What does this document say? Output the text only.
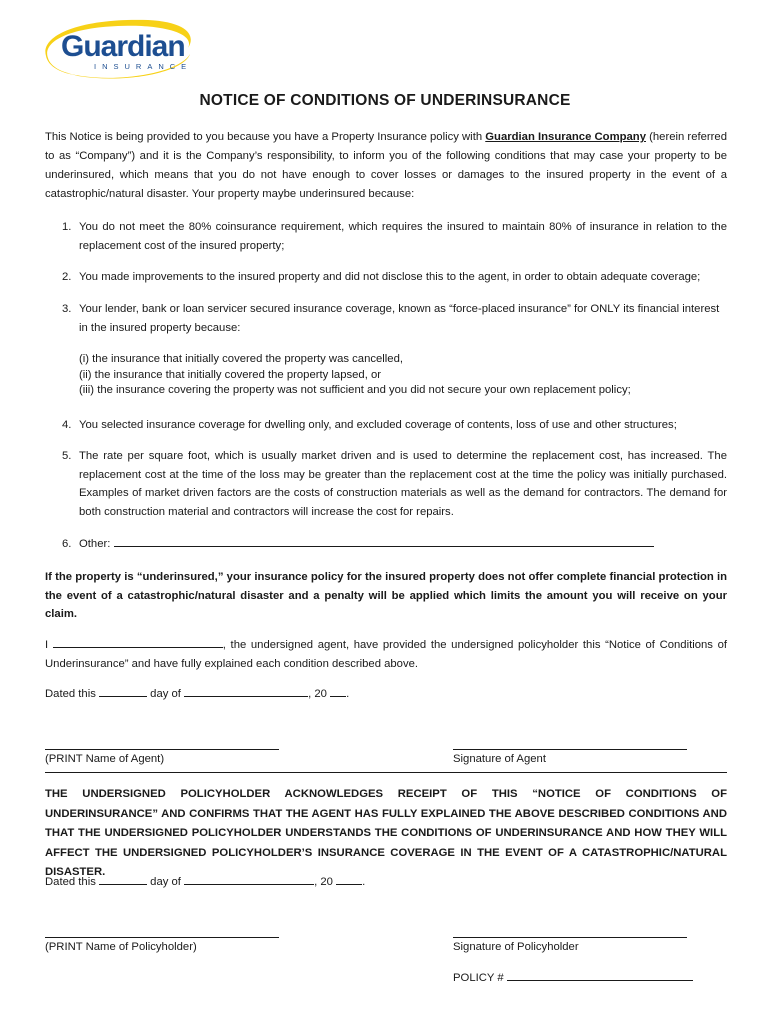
Guardian
INSURANCE
NOTICE OF CONDITIONS OF UNDERINSURANCE
This Notice is being provided to you because you have a Property Insurance policy with Guardian Insurance Company (herein referred to as “Company”) and it is the Company’s responsibility, to inform you of the following conditions that may case your property to be underinsured, which means that you do not have enough to cover losses or damages to the insured property in the event of a catastrophic/natural disaster. Your property maybe underinsured because:
1. You do not meet the 80% coinsurance requirement, which requires the insured to maintain 80% of insurance in relation to the replacement cost of the insured property;
2. You made improvements to the insured property and did not disclose this to the agent, in order to obtain adequate coverage;
3. Your lender, bank or loan servicer secured insurance coverage, known as “force-placed insurance” for ONLY its financial interest in the insured property because:
(i) the insurance that initially covered the property was cancelled,
(ii) the insurance that initially covered the property lapsed, or
(iii) the insurance covering the property was not sufficient and you did not secure your own replacement policy;
4. You selected insurance coverage for dwelling only, and excluded coverage of contents, loss of use and other structures;
5. The rate per square foot, which is usually market driven and is used to determine the replacement cost, has increased. The replacement cost at the time of the loss may be greater than the replacement cost at the time the policy was initially purchased. Examples of market driven factors are the costs of construction materials as well as the demand for contractors. The demand for both construction material and contractors will increase the cost for repairs.
6. Other:
If the property is “underinsured,” your insurance policy for the insured property does not offer complete financial protection in the event of a catastrophic/natural disaster and a penalty will be applied which limits the amount you will receive on your claim.
I	, the undersigned agent, have provided the undersigned policyholder this “Notice of Conditions of Underinsurance” and have fully explained each condition described above.
Dated this	day of	, 20 .
(PRINT Name of Agent)	Signature of Agent
THE UNDERSIGNED POLICYHOLDER ACKNOWLEDGES RECEIPT OF THIS “NOTICE OF CONDITIONS OF UNDERINSURANCE” AND CONFIRMS THAT THE AGENT HAS FULLY EXPLAINED THE ABOVE DESCRIBED CONDITIONS AND THAT THE UNDERSIGNED POLICYHOLDER UNDERSTANDS THE CONDITIONS OF UNDERINSURANCE AND HOW THEY WILL AFFECT THE UNDERSIGNED POLICYHOLDER’S INSURANCE COVERAGE IN THE EVENT OF A CATASTROPHIC/NATURAL DISASTER.
Dated this	day of	, 20	.
(PRINT Name of Policyholder)	Signature of Policyholder
POLICY #
